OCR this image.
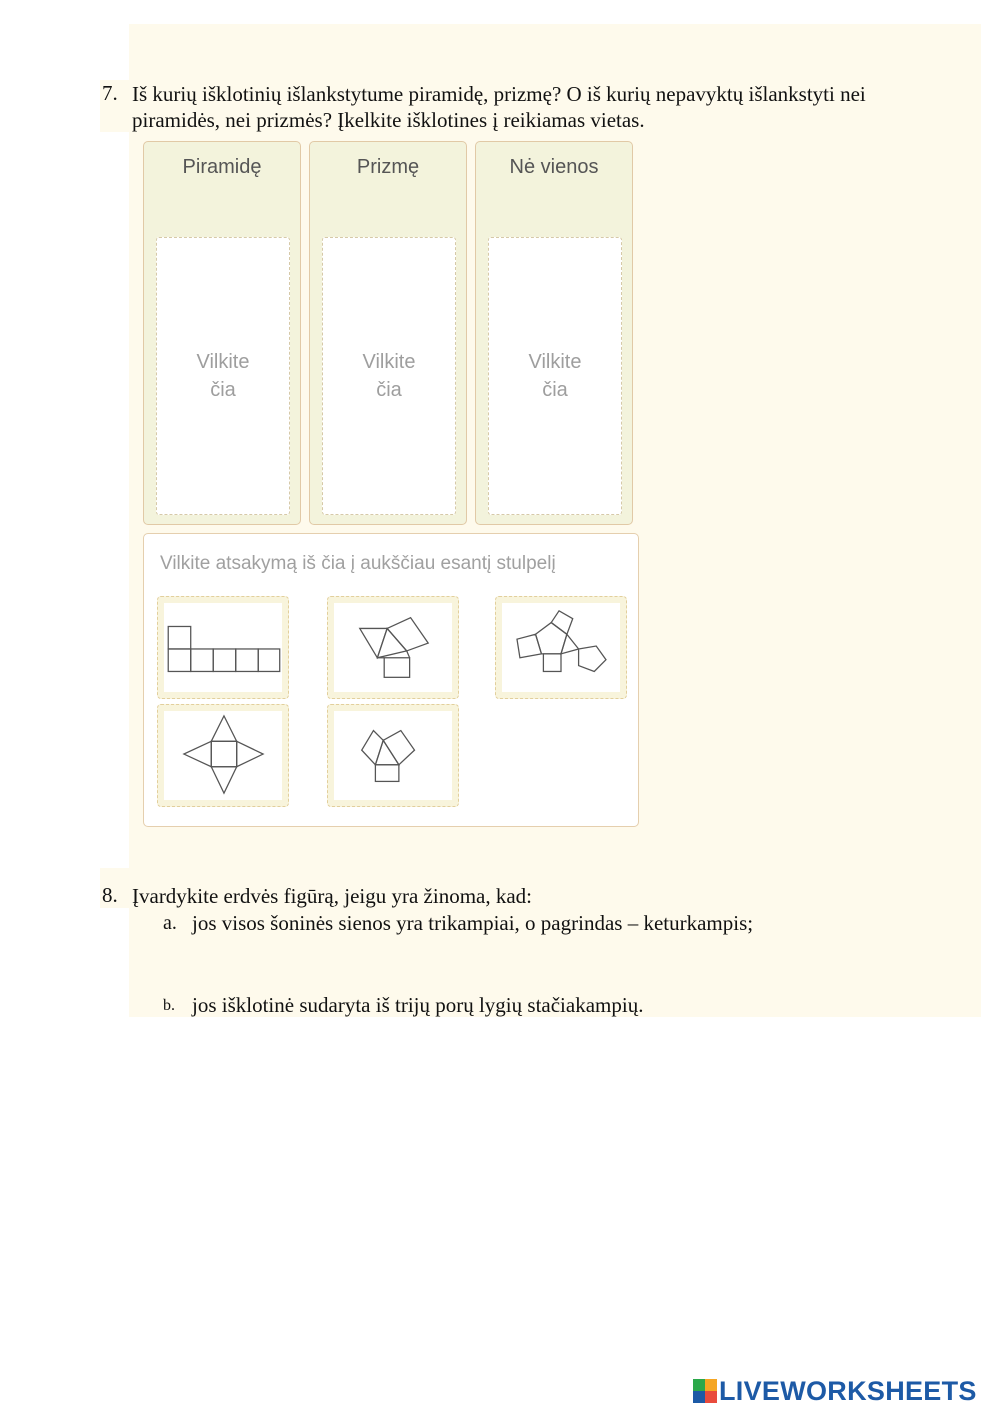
7. Iš kurių išklotinių išlankstytume piramidę, prizmę? O iš kurių nepavyktų išlankstyti nei
piramidės, nei prizmės? Įkelkite išklotines į reikiamas vietas.
Piramidę
Vilkite
čia
Prizmę
Vilkite
čia
Nė vienos
Vilkite
čia
Vilkite atsakymą iš čia į aukščiau esantį stulpelį
8. Įvardykite erdvės figūrą, jeigu yra žinoma, kad:
a. jos visos šoninės sienos yra trikampiai, o pagrindas – keturkampis;
b. jos išklotinė sudaryta iš trijų porų lygių stačiakampių.
LIVEWORKSHEETS
